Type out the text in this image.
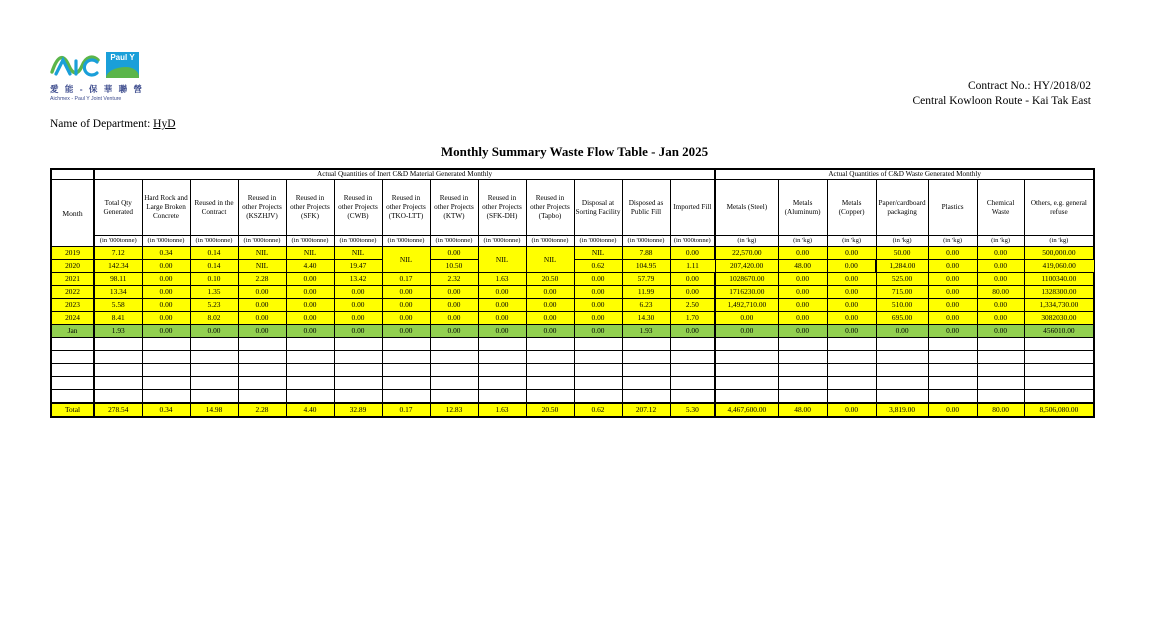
Paul Y
愛 能 - 保 華 聯 營
Aichmex - Paul Y Joint Venture
Contract No.: HY/2018/02
Central Kowloon Route - Kai Tak East
Name of Department: HyD
Monthly Summary Waste Flow Table - Jan 2025
	Actual Quantities of Inert C&D Material Generated Monthly													Actual Quantities of C&D Waste Generated Monthly						
Month	Total Qty Generated	Hard Rock and Large Broken Concrete	Reused in the Contract	Reused in other Projects (KSZHJV)	Reused in other Projects (SFK)	Reused in other Projects (CWB)	Reused in other Projects (TKO-LTT)	Reused in other Projects (KTW)	Reused in other Projects (SFK-DH)	Reused in other Projects (Tapbo)	Disposal at Sorting Facility	Disposed as Public Fill	Imported Fill	Metals (Steel)	Metals (Aluminum)	Metals (Copper)	Paper/cardboard packaging	Plastics	Chemical Waste	Others, e.g. general refuse
	(in '000tonne)	(in '000tonne)	(in '000tonne)	(in '000tonne)	(in '000tonne)	(in '000tonne)	(in '000tonne)	(in '000tonne)	(in '000tonne)	(in '000tonne)	(in '000tonne)	(in '000tonne)	(in '000tonne)	(in 'kg)	(in 'kg)	(in 'kg)	(in 'kg)	(in 'kg)	(in 'kg)	(in 'kg)
2019	7.12	0.34	0.14	NIL	NIL	NIL	NIL	0.00	NIL	NIL	NIL	7.88	0.00	22,570.00	0.00	0.00	50.00	0.00	0.00	500,000.00
2020	142.34	0.00	0.14	NIL	4.40	19.47		10.50			0.62	104.95	1.11	207,420.00	48.00	0.00	1,284.00	0.00	0.00	419,060.00
2021	98.11	0.00	0.10	2.28	0.00	13.42	0.17	2.32	1.63	20.50	0.00	57.79	0.00	1028670.00	0.00	0.00	525.00	0.00	0.00	1100340.00
2022	13.34	0.00	1.35	0.00	0.00	0.00	0.00	0.00	0.00	0.00	0.00	11.99	0.00	1716230.00	0.00	0.00	715.00	0.00	80.00	1328300.00
2023	5.58	0.00	5.23	0.00	0.00	0.00	0.00	0.00	0.00	0.00	0.00	6.23	2.50	1,492,710.00	0.00	0.00	510.00	0.00	0.00	1,334,730.00
2024	8.41	0.00	8.02	0.00	0.00	0.00	0.00	0.00	0.00	0.00	0.00	14.30	1.70	0.00	0.00	0.00	695.00	0.00	0.00	3082030.00
Jan	1.93	0.00	0.00	0.00	0.00	0.00	0.00	0.00	0.00	0.00	0.00	1.93	0.00	0.00	0.00	0.00	0.00	0.00	0.00	456010.00

Total	278.54	0.34	14.98	2.28	4.40	32.89	0.17	12.83	1.63	20.50	0.62	207.12	5.30	4,467,600.00	48.00	0.00	3,819.00	0.00	80.00	8,506,080.00
